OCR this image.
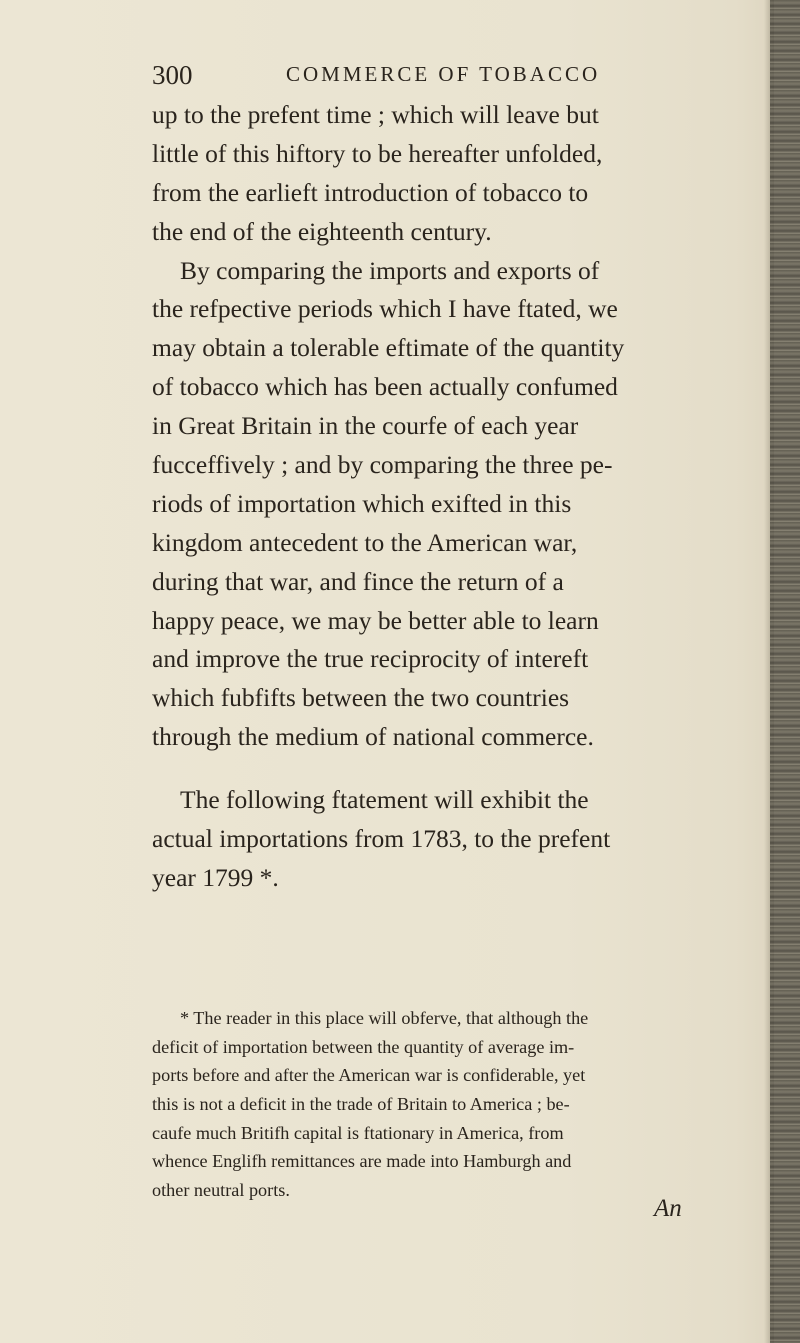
300	COMMERCE OF TOBACCO
up to the prefent time ; which will leave but
little of this hiftory to be hereafter unfolded,
from the earlieft introduction of tobacco to
the end of the eighteenth century.
By comparing the imports and exports of
the refpective periods which I have ftated, we
may obtain a tolerable eftimate of the quantity
of tobacco which has been actually confumed
in Great Britain in the courfe of each year
fucceffively ; and by comparing the three pe-
riods of importation which exifted in this
kingdom antecedent to the American war,
during that war, and fince the return of a
happy peace, we may be better able to learn
and improve the true reciprocity of intereft
which fubfifts between the two countries
through the medium of national commerce.
The following ftatement will exhibit the
actual importations from 1783, to the prefent
year 1799 *.
* The reader in this place will obferve, that although the
deficit of importation between the quantity of average im-
ports before and after the American war is confiderable, yet
this is not a deficit in the trade of Britain to America ; be-
caufe much Britifh capital is ftationary in America, from
whence Englifh remittances are made into Hamburgh and
other neutral ports.
An
